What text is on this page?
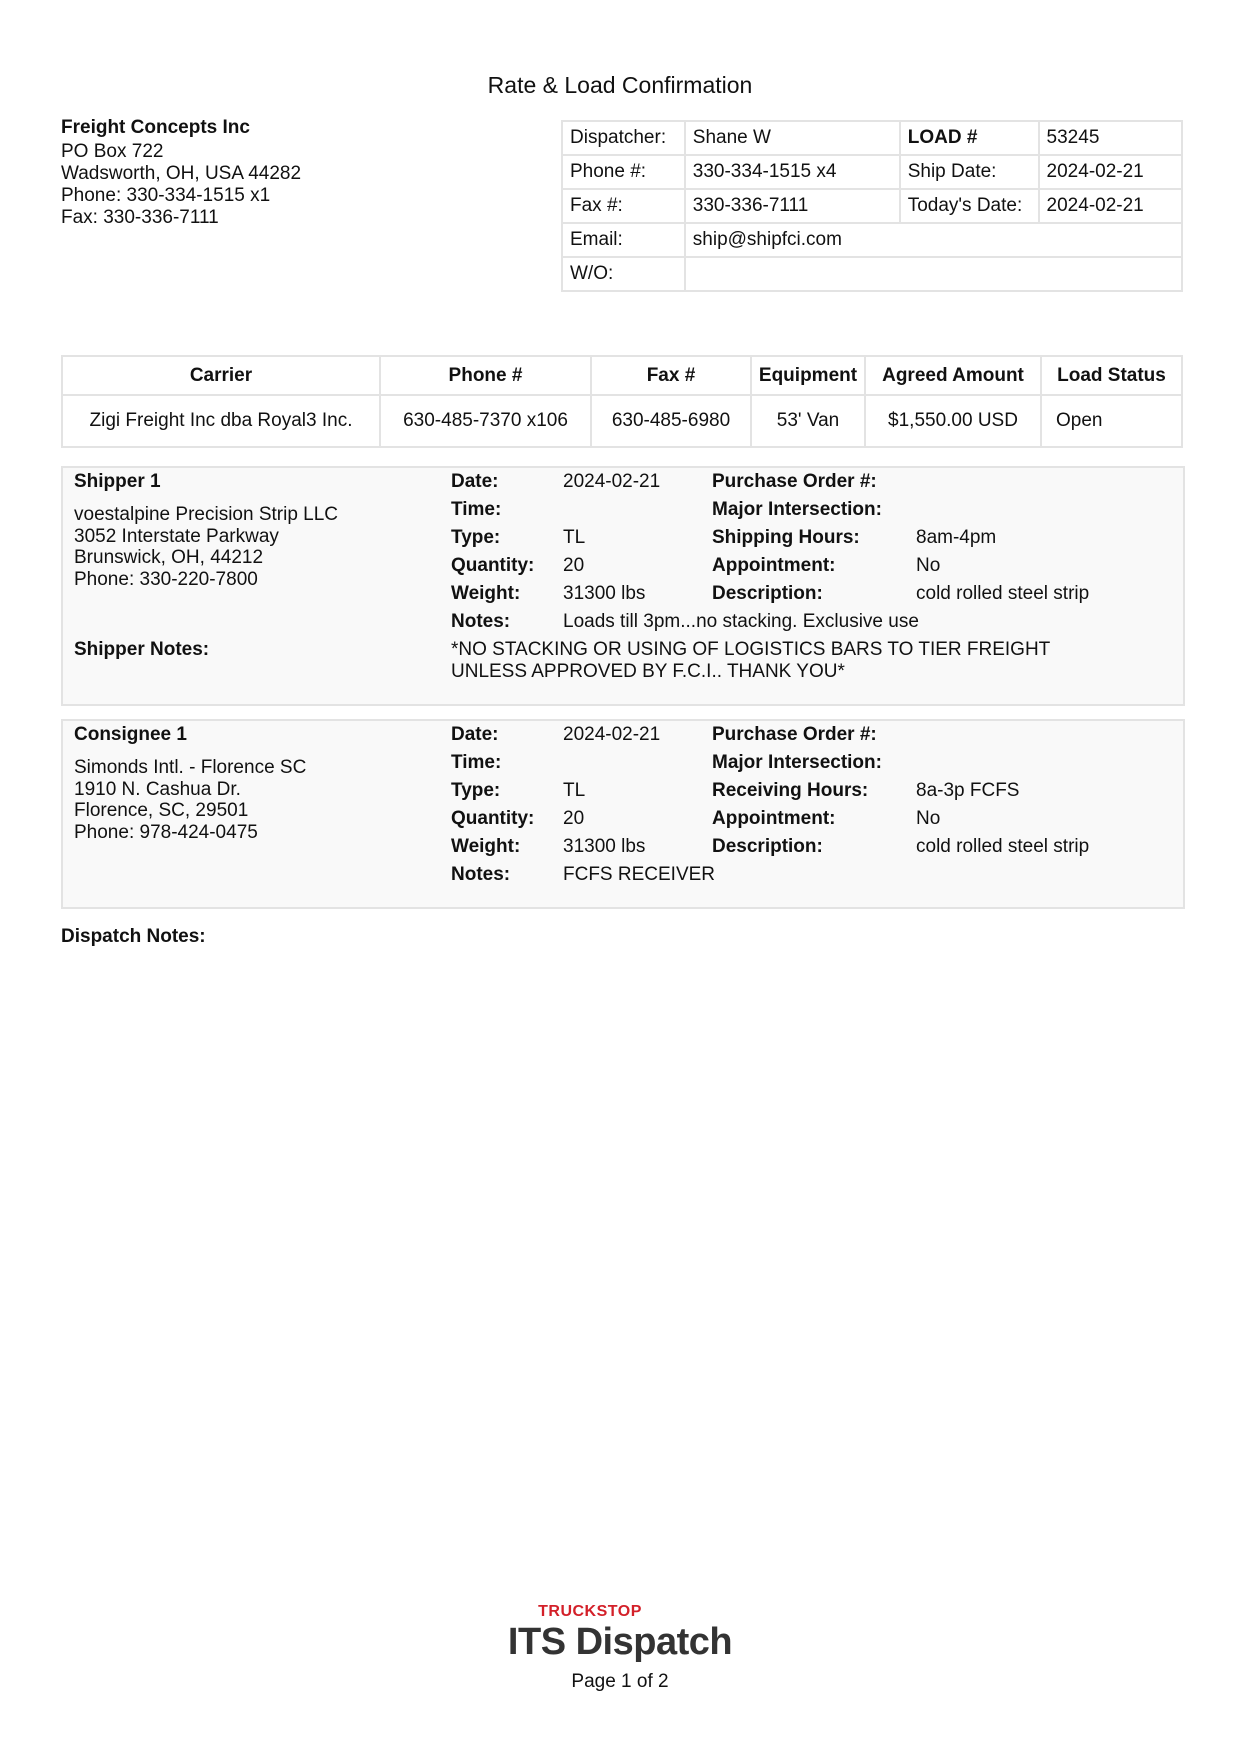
Rate & Load Confirmation
Freight Concepts Inc
PO Box 722
Wadsworth, OH, USA 44282
Phone: 330-334-1515 x1
Fax: 330-336-7111
Dispatcher:	Shane W	LOAD #	53245
Phone #:	330-334-1515 x4	Ship Date:	2024-02-21
Fax #:	330-336-7111	Today's Date:	2024-02-21
Email:	ship@shipfci.com		
W/O:			
Carrier	Phone #	Fax #	Equipment	Agreed Amount	Load Status
Zigi Freight Inc dba Royal3 Inc.	630-485-7370 x106	630-485-6980	53' Van	$1,550.00 USD	Open
Shipper 1
voestalpine Precision Strip LLC
3052 Interstate Parkway
Brunswick, OH, 44212
Phone: 330-220-7800
Date:	2024-02-21
Time:
Type:	TL
Quantity: 20
Weight: 31300 lbs
Notes:	Loads till 3pm...no stacking. Exclusive use
Purchase Order #:
Major Intersection:
Shipping Hours:	8am-4pm
Appointment:	No
Description:	cold rolled steel strip
Shipper Notes:	*NO STACKING OR USING OF LOGISTICS BARS TO TIER FREIGHT
UNLESS APPROVED BY F.C.I.. THANK YOU*
Consignee 1
Simonds Intl. - Florence SC
1910 N. Cashua Dr.
Florence, SC, 29501
Phone: 978-424-0475
Date:	2024-02-21
Time:
Type:	TL
Quantity: 20
Weight: 31300 lbs
Notes:	FCFS RECEIVER
Purchase Order #:
Major Intersection:
Receiving Hours:	8a-3p FCFS
Appointment:	No
Description:	cold rolled steel strip
Dispatch Notes:
TRUCKSTOP
ITS Dispatch
Page 1 of 2
